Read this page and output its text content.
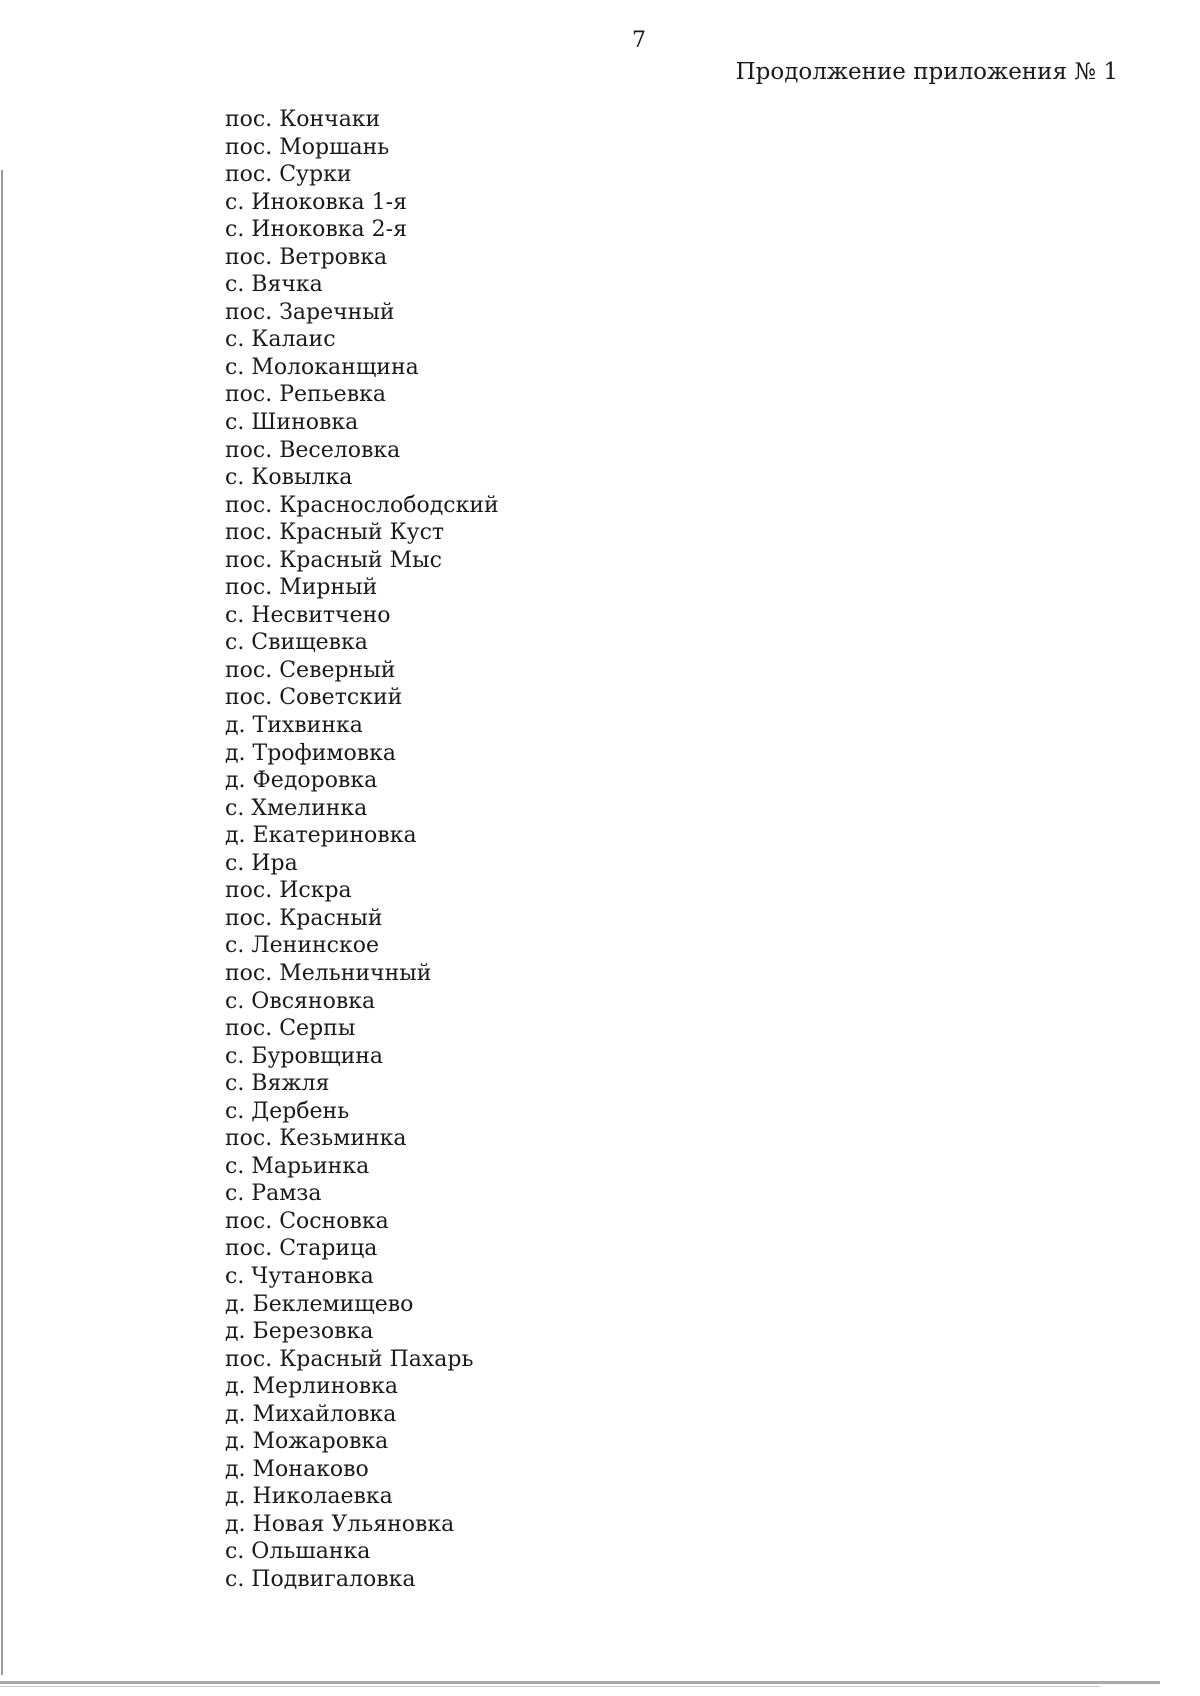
7
Продолжение приложения № 1
пос. Кончаки
пос. Моршань
пос. Сурки
с. Иноковка 1-я
с. Иноковка 2-я
пос. Ветровка
с. Вячка
пос. Заречный
с. Калаис
с. Молоканщина
пос. Репьевка
с. Шиновка
пос. Веселовка
с. Ковылка
пос. Краснослободский
пос. Красный Куст
пос. Красный Мыс
пос. Мирный
с. Несвитчено
с. Свищевка
пос. Северный
пос. Советский
д. Тихвинка
д. Трофимовка
д. Федоровка
с. Хмелинка
д. Екатериновка
с. Ира
пос. Искра
пос. Красный
с. Ленинское
пос. Мельничный
с. Овсяновка
пос. Серпы
с. Буровщина
с. Вяжля
с. Дербень
пос. Кезьминка
с. Марьинка
с. Рамза
пос. Сосновка
пос. Старица
с. Чутановка
д. Беклемищево
д. Березовка
пос. Красный Пахарь
д. Мерлиновка
д. Михайловка
д. Можаровка
д. Монаково
д. Николаевка
д. Новая Ульяновка
с. Ольшанка
с. Подвигаловка
